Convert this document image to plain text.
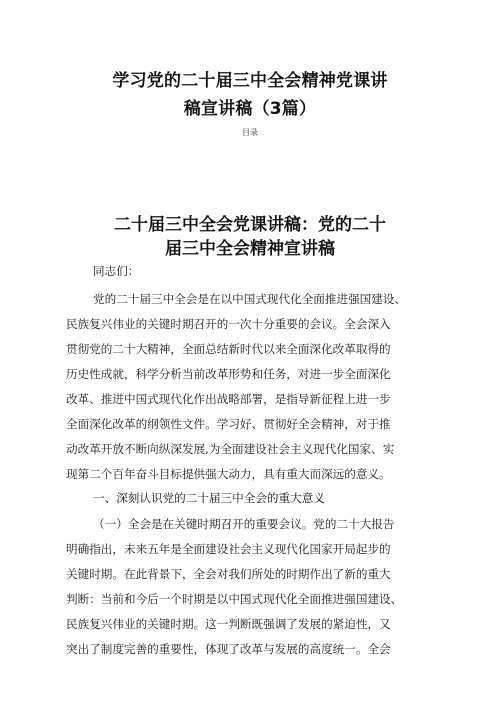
学习党的二十届三中全会精神党课讲
稿宣讲稿（3篇）
目录
二十届三中全会党课讲稿：党的二十
届三中全会精神宣讲稿
同志们：
党的二十届三中全会是在以中国式现代化全面推进强国建设、
民族复兴伟业的关键时期召开的一次十分重要的会议。全会深入
贯彻党的二十大精神，全面总结新时代以来全面深化改革取得的
历史性成就，科学分析当前改革形势和任务，对进一步全面深化
改革、推进中国式现代化作出战略部署，是指导新征程上进一步
全面深化改革的纲领性文件。学习好、贯彻好全会精神，对于推
动改革开放不断向纵深发展,为全面建设社会主义现代化国家、实
现第二个百年奋斗目标提供强大动力，具有重大而深远的意义。
一、深刻认识党的二十届三中全会的重大意义
（一）全会是在关键时期召开的重要会议。党的二十大报告
明确指出，未来五年是全面建设社会主义现代化国家开局起步的
关键时期。在此背景下，全会对我们所处的时期作出了新的重大
判断：当前和今后一个时期是以中国式现代化全面推进强国建设、
民族复兴伟业的关键时期。这一判断既强调了发展的紧迫性，又
突出了制度完善的重要性，体现了改革与发展的高度统一。全会
